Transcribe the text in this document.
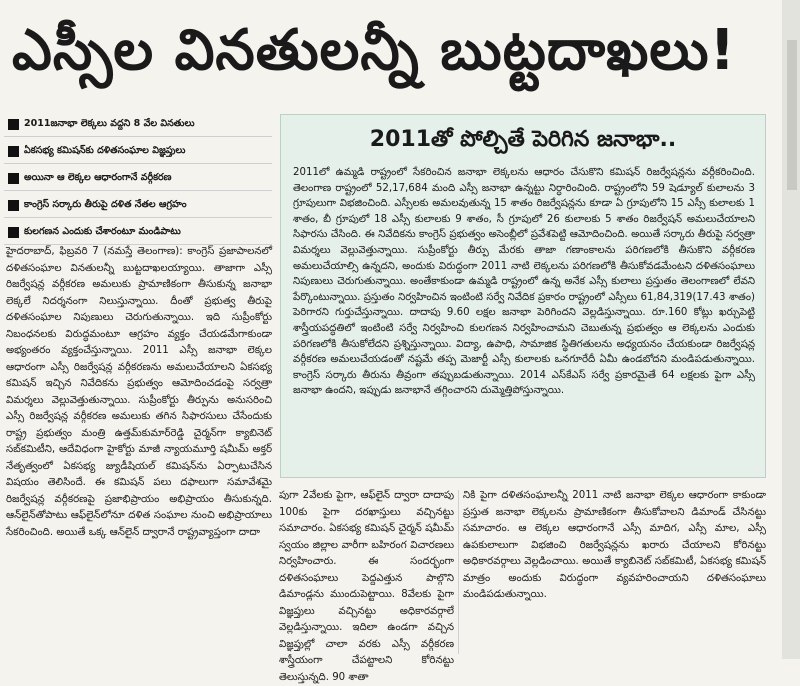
ఎస్సీల వినతులన్నీ బుట్టదాఖలు!
2011జనాభా లెక్కలు వద్దని 8 వేల వినతులు
ఏకసభ్య కమిషన్‌కు దళితసంఘాల విజ్ఞప్తులు
అయినా ఆ లెక్కల ఆధారంగానే వర్గీకరణ
కాంగ్రెస్ సర్కారు తీరుపై దళిత నేతల ఆగ్రహం
కులగణన ఎందుకు చేశారంటూ మండిపాటు

హైదరాబాద్, ఫిబ్రవరి 7 (నమస్తే తెలంగాణ): కాంగ్రెస్ ప్రజాపాలనలో దళితసంఘాల వినతులన్నీ బుట్టదాఖలయ్యాయి. తాజాగా ఎస్సీ రిజర్వేషన్ల వర్గీకరణ అమలుకు ప్రామాణికంగా తీసుకున్న జనాభా లెక్కలే నిదర్శనంగా నిలుస్తున్నాయి. దీంతో ప్రభుత్వ తీరుపై దళితసంఘాల నిపుణులు చెరుగుతున్నాయి. ఇది సుప్రీంకోర్టు నిబంధనలకు విరుద్ధమంటూ ఆగ్రహం వ్యక్తం చేయడమేగాకుండా అభ్యంతరం వ్యక్తంచేస్తున్నాయి. 2011 ఎస్సీ జనాభా లెక్కల ఆధారంగా ఎస్సీ రిజర్వేషన్ల వర్గీకరణను అమలుచేయాలని ఏకసభ్య కమిషన్ ఇచ్చిన నివేదికను ప్రభుత్వం ఆమోదించడంపై సర్వత్రా విమర్శలు వెల్లువెత్తుతున్నాయి. సుప్రీంకోర్టు తీర్పును అనుసరించి ఎస్సీ రిజర్వేషన్ల వర్గీకరణ అమలుకు తగిన సిఫారసులు చేసేందుకు రాష్ట్ర ప్రభుత్వం మంత్రి ఉత్తమ్‌కుమార్‌రెడ్డి చైర్మన్‌గా క్యాబినెట్ సబ్‌కమిటీని, ఆదేవిధంగా హైకోర్టు మాజీ న్యాయమూర్తి షమీమ్ అక్తర్ నేతృత్వంలో ఏకసభ్య జ్యుడీషియల్ కమిషన్‌ను ఏర్పాటుచేసిన విషయం తెలిసిందే. ఈ కమిషన్ పలు దఫాలుగా సమావేశమై రిజర్వేషన్ల వర్గీకరణపై ప్రజాభిప్రాయం అభిప్రాయం తీసుకున్నది. ఆన్‌లైన్‌తోపాటు ఆఫ్‌లైన్‌లోనూ దళిత సంఘాల నుంచి అభిప్రాయాలు సేకరించింది. అయితే ఒక్క ఆన్‌లైన్ ద్వారానే రాష్ట్రవ్యాప్తంగా దాదా

2011తో పోల్చితే పెరిగిన జనాభా..
2011లో ఉమ్మడి రాష్ట్రంలో సేకరించిన జనాభా లెక్కలను ఆధారం చేసుకొని కమిషన్ రిజర్వేషన్లను వర్గీకరించింది. తెలంగాణ రాష్ట్రంలో 52,17,684 మంది ఎస్సీ జనాభా ఉన్నట్టు నిర్ధారించింది. రాష్ట్రంలోని 59 షెడ్యూల్ కులాలను 3 గ్రూపులుగా విభజించింది. ఎస్సీలకు అమలవుతున్న 15 శాతం రిజర్వేషన్లను కూడా ఏ గ్రూపులోని 15 ఎస్సీ కులాలకు 1 శాతం, బీ గ్రూపులో 18 ఎస్సీ కులాలకు 9 శాతం, సీ గ్రూపులో 26 కులాలకు 5 శాతం రిజర్వేషన్ అమలుచేయాలని సిఫారసు చేసింది. ఈ నివేదికను కాంగ్రెస్ ప్రభుత్వం అసెంబ్లీలో ప్రవేశపెట్టి ఆమోదించింది. అయితే సర్కారు తీరుపై సర్వత్రా విమర్శలు వెల్లువెత్తున్నాయి. సుప్రీంకోర్టు తీర్పు మేరకు తాజా గణాంకాలను పరిగణలోకి తీసుకొని వర్గీకరణ అమలుచేయాల్సి ఉన్నదని, అందుకు విరుద్ధంగా 2011 నాటి లెక్కలను పరిగణలోకి తీసుకోవడమేంటని దళితసంఘాలు నిపుణులు చెరుగుతున్నాయి. అంతేకాకుండా ఉమ్మడి రాష్ట్రంలో ఉన్న అనేక ఎస్సీ కులాలు ప్రస్తుతం తెలంగాణలో లేవని పేర్కొంటున్నాయి. ప్రస్తుతం నిర్వహించిన ఇంటింటి సర్వే నివేదిక ప్రకారం రాష్ట్రంలో ఎస్సీలు 61,84,319(17.43 శాతం) పెరిగారని గుర్తుచేస్తున్నాయి. దాదాపు 9.60 లక్షల జనాభా పెరిగిందని వెల్లడిస్తున్నాయి. రూ.160 కోట్లు ఖర్చుపెట్టి శాస్త్రీయపద్ధతిలో ఇంటింటి సర్వే నిర్వహించి కులగణన నిర్వహించామని చెబుతున్న ప్రభుత్వం ఆ లెక్కలను ఎందుకు పరిగణలోకి తీసుకోలేదని ప్రశ్నిస్తున్నాయి. విద్యా, ఉపాధి, సామాజిక స్థితిగతులను అధ్యయనం చేయకుండా రిజర్వేషన్ల వర్గీకరణ అమలుచేయడంతో నష్టమే తప్ప మెజార్టీ ఎస్సీ కులాలకు ఒనగూరేదీ ఏమీ ఉండబోదని మండిపడుతున్నాయి. కాంగ్రెస్ సర్కారు తీరును తీవ్రంగా తప్పుబడుతున్నాయి. 2014 ఎస్‌కేఎస్ సర్వే ప్రకారమైతే 64 లక్షలకు పైగా ఎస్సీ జనాభా ఉందని, ఇప్పుడు జనాభానే తగ్గించారని దుమ్మెత్తిపోస్తున్నాయి.

పుగా 2వేలకు పైగా, ఆఫ్‌లైన్ ద్వారా దాదాపు 100కు పైగా దరఖాస్తులు వచ్చినట్టు సమాచారం. ఏకసభ్య కమిషన్ చైర్మన్ షమీమ్ స్వయం జిల్లాల వారీగా బహిరంగ విచారణలు నిర్వహించారు. ఈ సందర్భంగా దళితసంఘాలు పెద్దఎత్తున పాల్గొని డిమాండ్లను ముందుపెట్టాయి. 8వేలకు పైగా విజ్ఞప్తులు వచ్చినట్టు అధికారవర్గాలే వెల్లడిస్తున్నాయి. ఇదిలా ఉండగా వచ్చిన విజ్ఞప్తుల్లో చాలా వరకు ఎస్సీ వర్గీకరణ శాస్త్రీయంగా చేపట్టాలని కోరినట్టు తెలుస్తున్నది. 90 శాతా

నికి పైగా దళితసంఘాలన్నీ 2011 నాటి జనాభా లెక్కల ఆధారంగా కాకుండా ప్రస్తుత జనాభా లెక్కలను ప్రామాణికంగా తీసుకోవాలని డిమాండ్ చేసినట్టు సమాచారం. ఆ లెక్కల ఆధారంగానే ఎస్సీ మాదిగ, ఎస్సీ మాల, ఎస్సీ ఉపకులాలుగా విభజించి రిజర్వేషన్లను ఖరారు చేయాలని కోరినట్టు అధికారవర్గాలు వెల్లడించాయి. అయితే క్యాబినెట్ సబ్‌కమిటీ, ఏకసభ్య కమిషన్ మాత్రం అందుకు విరుద్ధంగా వ్యవహరించాయని దళితసంఘాలు మండిపడుతున్నాయి.
